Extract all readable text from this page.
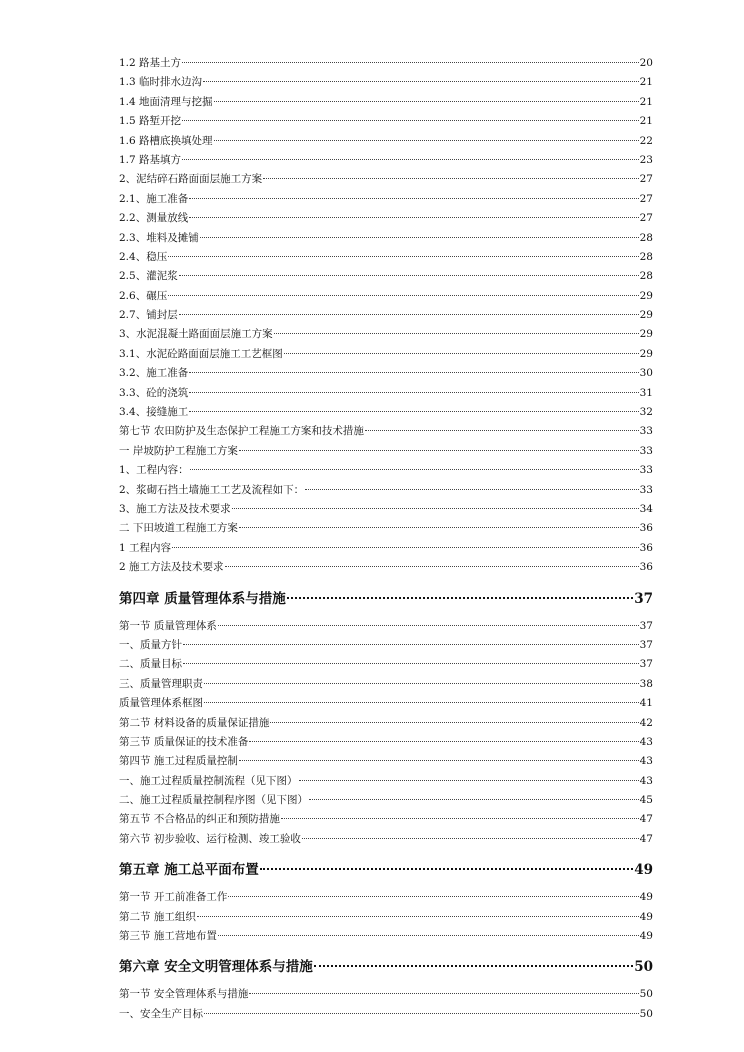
1.2 路基土方	20
1.3 临时排水边沟	21
1.4 地面清理与挖掘	21
1.5 路堑开挖	21
1.6 路槽底换填处理	22
1.7 路基填方	23
2、泥结碎石路面面层施工方案	27
2.1、施工准备	27
2.2、测量放线	27
2.3、堆料及摊铺	28
2.4、稳压	28
2.5、灌泥浆	28
2.6、碾压	29
2.7、铺封层	29
3、水泥混凝土路面面层施工方案	29
3.1、水泥砼路面面层施工工艺框图	29
3.2、施工准备	30
3.3、砼的浇筑	31
3.4、接缝施工	32
第七节 农田防护及生态保护工程施工方案和技术措施	33
一 岸坡防护工程施工方案	33
1、工程内容：	33
2、浆砌石挡土墙施工工艺及流程如下：	33
3、施工方法及技术要求	34
二 下田坡道工程施工方案	36
1 工程内容	36
2 施工方法及技术要求	36
第四章 质量管理体系与措施	37
第一节 质量管理体系	37
一、质量方针	37
二、质量目标	37
三、质量管理职责	38
质量管理体系框图	41
第二节 材料设备的质量保证措施	42
第三节 质量保证的技术准备	43
第四节 施工过程质量控制	43
一、施工过程质量控制流程（见下图）	43
二、施工过程质量控制程序图（见下图）	45
第五节 不合格品的纠正和预防措施	47
第六节 初步验收、运行检测、竣工验收	47
第五章 施工总平面布置	49
第一节 开工前准备工作	49
第二节 施工组织	49
第三节 施工营地布置	49
第六章 安全文明管理体系与措施	50
第一节 安全管理体系与措施	50
一、安全生产目标	50
